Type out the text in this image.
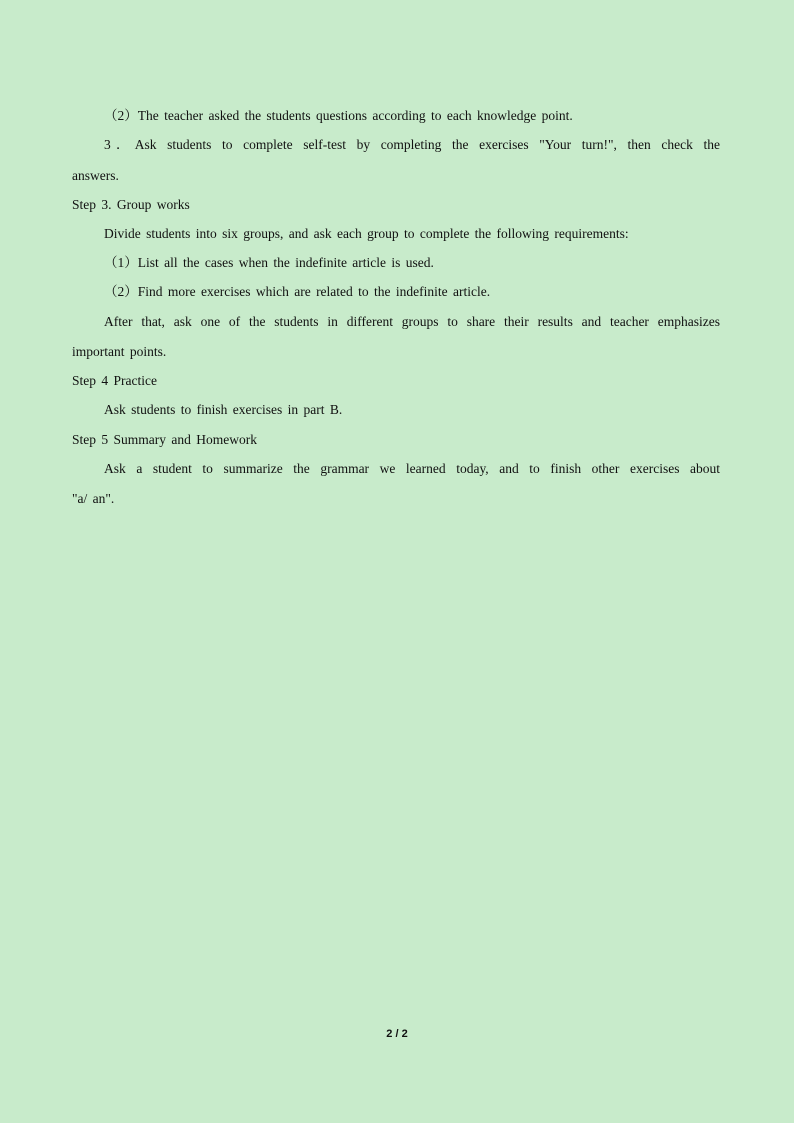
（2）The teacher asked the students questions according to each knowledge point.
3．Ask students to complete self-test by completing the exercises "Your turn!", then check the
answers.
Step 3. Group works
Divide students into six groups, and ask each group to complete the following requirements:
（1）List all the cases when the indefinite article is used.
（2）Find more exercises which are related to the indefinite article.
After that, ask one of the students in different groups to share their results and teacher emphasizes
important points.
Step 4 Practice
Ask students to finish exercises in part B.
Step 5 Summary and Homework
Ask a student to summarize the grammar we learned today, and to finish other exercises about
"a/ an".
2 / 2
